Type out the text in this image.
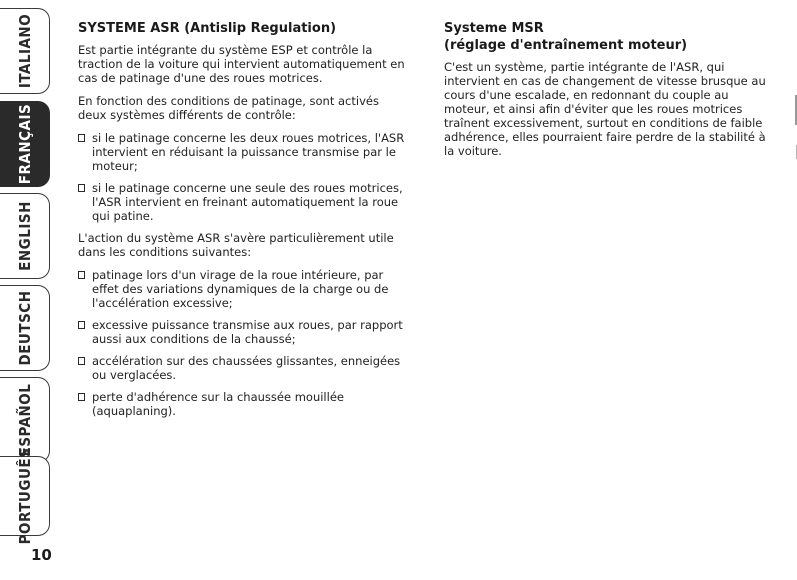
ITALIANO
FRANÇAIS
ENGLISH
DEUTSCH
ESPAÑOL
PORTUGUÊS
10
SYSTEME ASR (Antislip Regulation)

Est partie intégrante du système ESP et contrôle la traction de la voiture qui intervient automatiquement en cas de patinage d'une des roues motrices.

En fonction des conditions de patinage, sont activés deux systèmes différents de contrôle:

si le patinage concerne les deux roues motrices, l'ASR intervient en réduisant la puissance transmise par le moteur;
si le patinage concerne une seule des roues motrices, l'ASR intervient en freinant automatiquement la roue qui patine.

L'action du système ASR s'avère particulièrement utile dans les conditions suivantes:

patinage lors d'un virage de la roue intérieure, par effet des variations dynamiques de la charge ou de l'accélération excessive;
excessive puissance transmise aux roues, par rapport aussi aux conditions de la chaussé;
accélération sur des chaussées glissantes, enneigées ou verglacées.
perte d'adhérence sur la chaussée mouillée (aquaplaning).
Systeme MSR
(réglage d'entraînement moteur)

C'est un système, partie intégrante de l'ASR, qui intervient en cas de changement de vitesse brusque au cours d'une escalade, en redonnant du couple au moteur, et ainsi afin d'éviter que les roues motrices traînent excessivement, surtout en conditions de faible adhérence, elles pourraient faire perdre de la stabilité à la voiture.
